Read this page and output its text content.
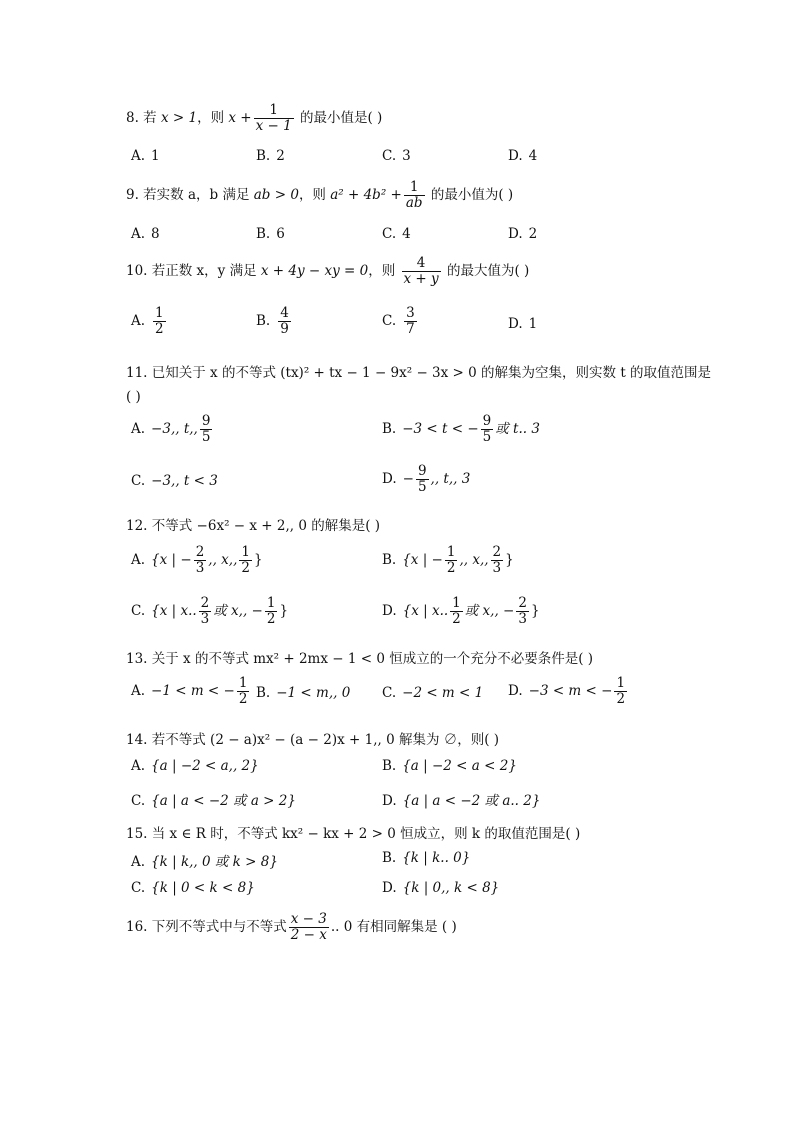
8. 若 x > 1，则 $x + \frac{1}{x - 1}$ 的最小值是( )
A. 1	B. 2	C. 3	D. 4
9. 若实数 a，b 满足 ab > 0，则 $a^2 + 4b^2 + \frac{1}{ab}$ 的最小值为( )
A. 8	B. 6	C. 4	D. 2
10. 若正数 x，y 满足 x + 4y − xy = 0，则 $\frac{4}{x + y}$ 的最大值为( )
A. $\frac{1}{2}$	B. $\frac{4}{9}$	C. $\frac{3}{7}$	D. 1
11. 已知关于 x 的不等式 (tx)² + tx − 1 − 9x² − 3x > 0 的解集为空集，则实数 t 的取值范围是
( )
A. −3,, t,, $\frac{9}{5}$	B. −3 < t < − $\frac{9}{5}$ 或 t.. 3
C. −3,, t < 3	D. − $\frac{9}{5}$ ,, t,, 3
12. 不等式 −6x² − x + 2,, 0 的解集是( )
A. {x | − $\frac{2}{3}$ ,, x,, $\frac{1}{2}$ }	B. {x | − $\frac{1}{2}$ ,, x,, $\frac{2}{3}$ }
C. {x | x.. $\frac{2}{3}$ 或 x,, − $\frac{1}{2}$ }	D. {x | x.. $\frac{1}{2}$ 或 x,, − $\frac{2}{3}$ }
13. 关于 x 的不等式 mx² + 2mx − 1 < 0 恒成立的一个充分不必要条件是( )
A. −1 < m < − $\frac{1}{2} B$. −1 < m,, 0 C. −2 < m < 1 D. −3 < m < − $\frac{1}{2}$
14. 若不等式 (2 − a)x² − (a − 2)x + 1,, 0 解集为 ∅，则( )
A. {a | −2 < a,, 2}	B. {a | −2 < a < 2}
C. {a | a < −2 或 a > 2}	D. {a | a < −2 或 a.. 2}
15. 当 x ∈ R 时，不等式 kx² − kx + 2 > 0 恒成立，则 k 的取值范围是( )
A. {k | k,, 0 或 k > 8}	B. {k | k.. 0}
C. {k | 0 < k < 8}	D. {k | 0,, k < 8}
16. 下列不等式中与不等式 $\frac{x - 3}{2 - x}$ .. 0 有相同解集是 ( )
